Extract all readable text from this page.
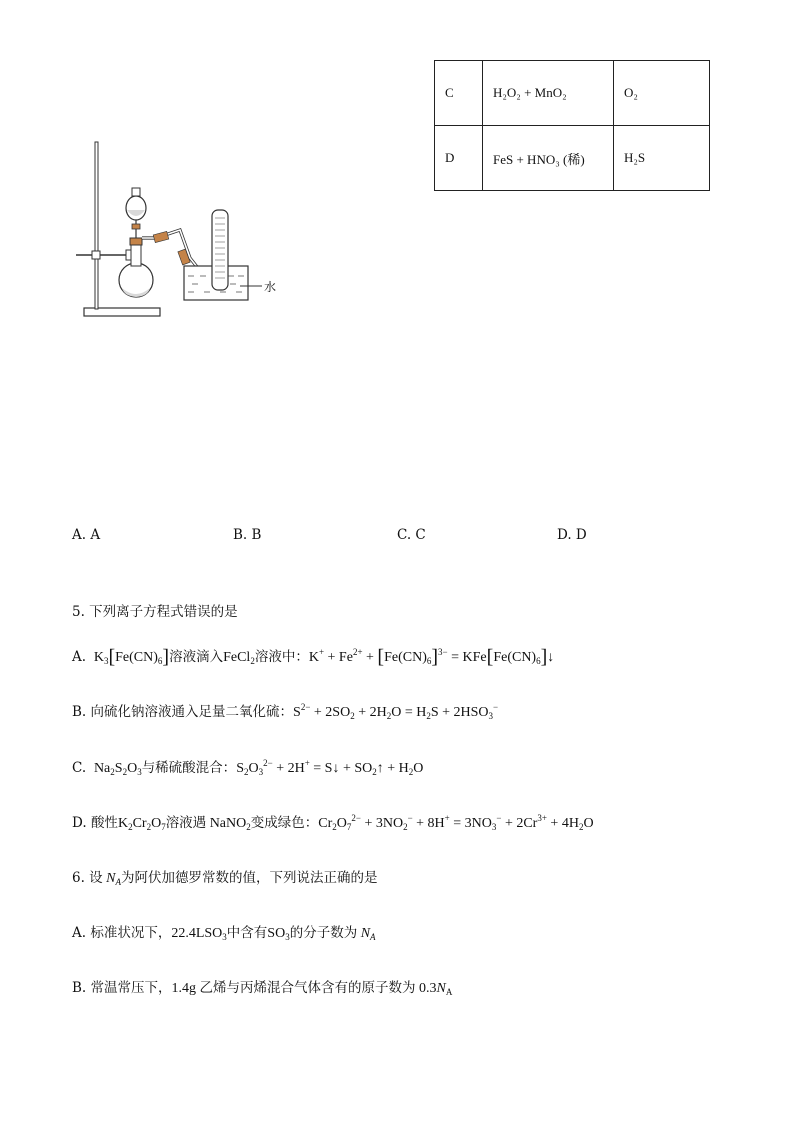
C	H₂O₂ + MnO₂	O₂
D	FeS + HNO₃ (稀)	H₂S
水
A. A	B. B	C. C	D. D
5. 下列离子方程式错误的是
A.  $K_3[Fe(CN)_6]$溶液滴入FeCl$_2$溶液中：$K^+ + Fe^{2+} + [Fe(CN)_6]^{3-}$ = $KFe[Fe(CN)_6]↓$
B. 向硫化钠溶液通入足量二氧化硫：$S^{2-} + 2SO_2 + 2H_2O = H_2S + 2HSO_3^-$
C.  $Na_2S_2O_3$与稀硫酸混合：$S_2O_3^{2-} + 2H^+$ = S↓ + $SO_2↑ + H_2O$
D. 酸性$K_2Cr_2O_7$溶液遇 NaNO$_2$变成绿色：$Cr_2O_7^{2-} + 3NO_2^- + 8H^+ = 3NO_3^- + 2Cr^{3+} + 4H_2O$
6. 设 $N_A$为阿伏加德罗常数的值，下列说法正确的是
A. 标准状况下，$22.4LSO_3$中含有$SO_3$的分子数为 $N_A$
B. 常温常压下，1.4g 乙烯与丙烯混合气体含有的原子数为 $0.3N_A$
